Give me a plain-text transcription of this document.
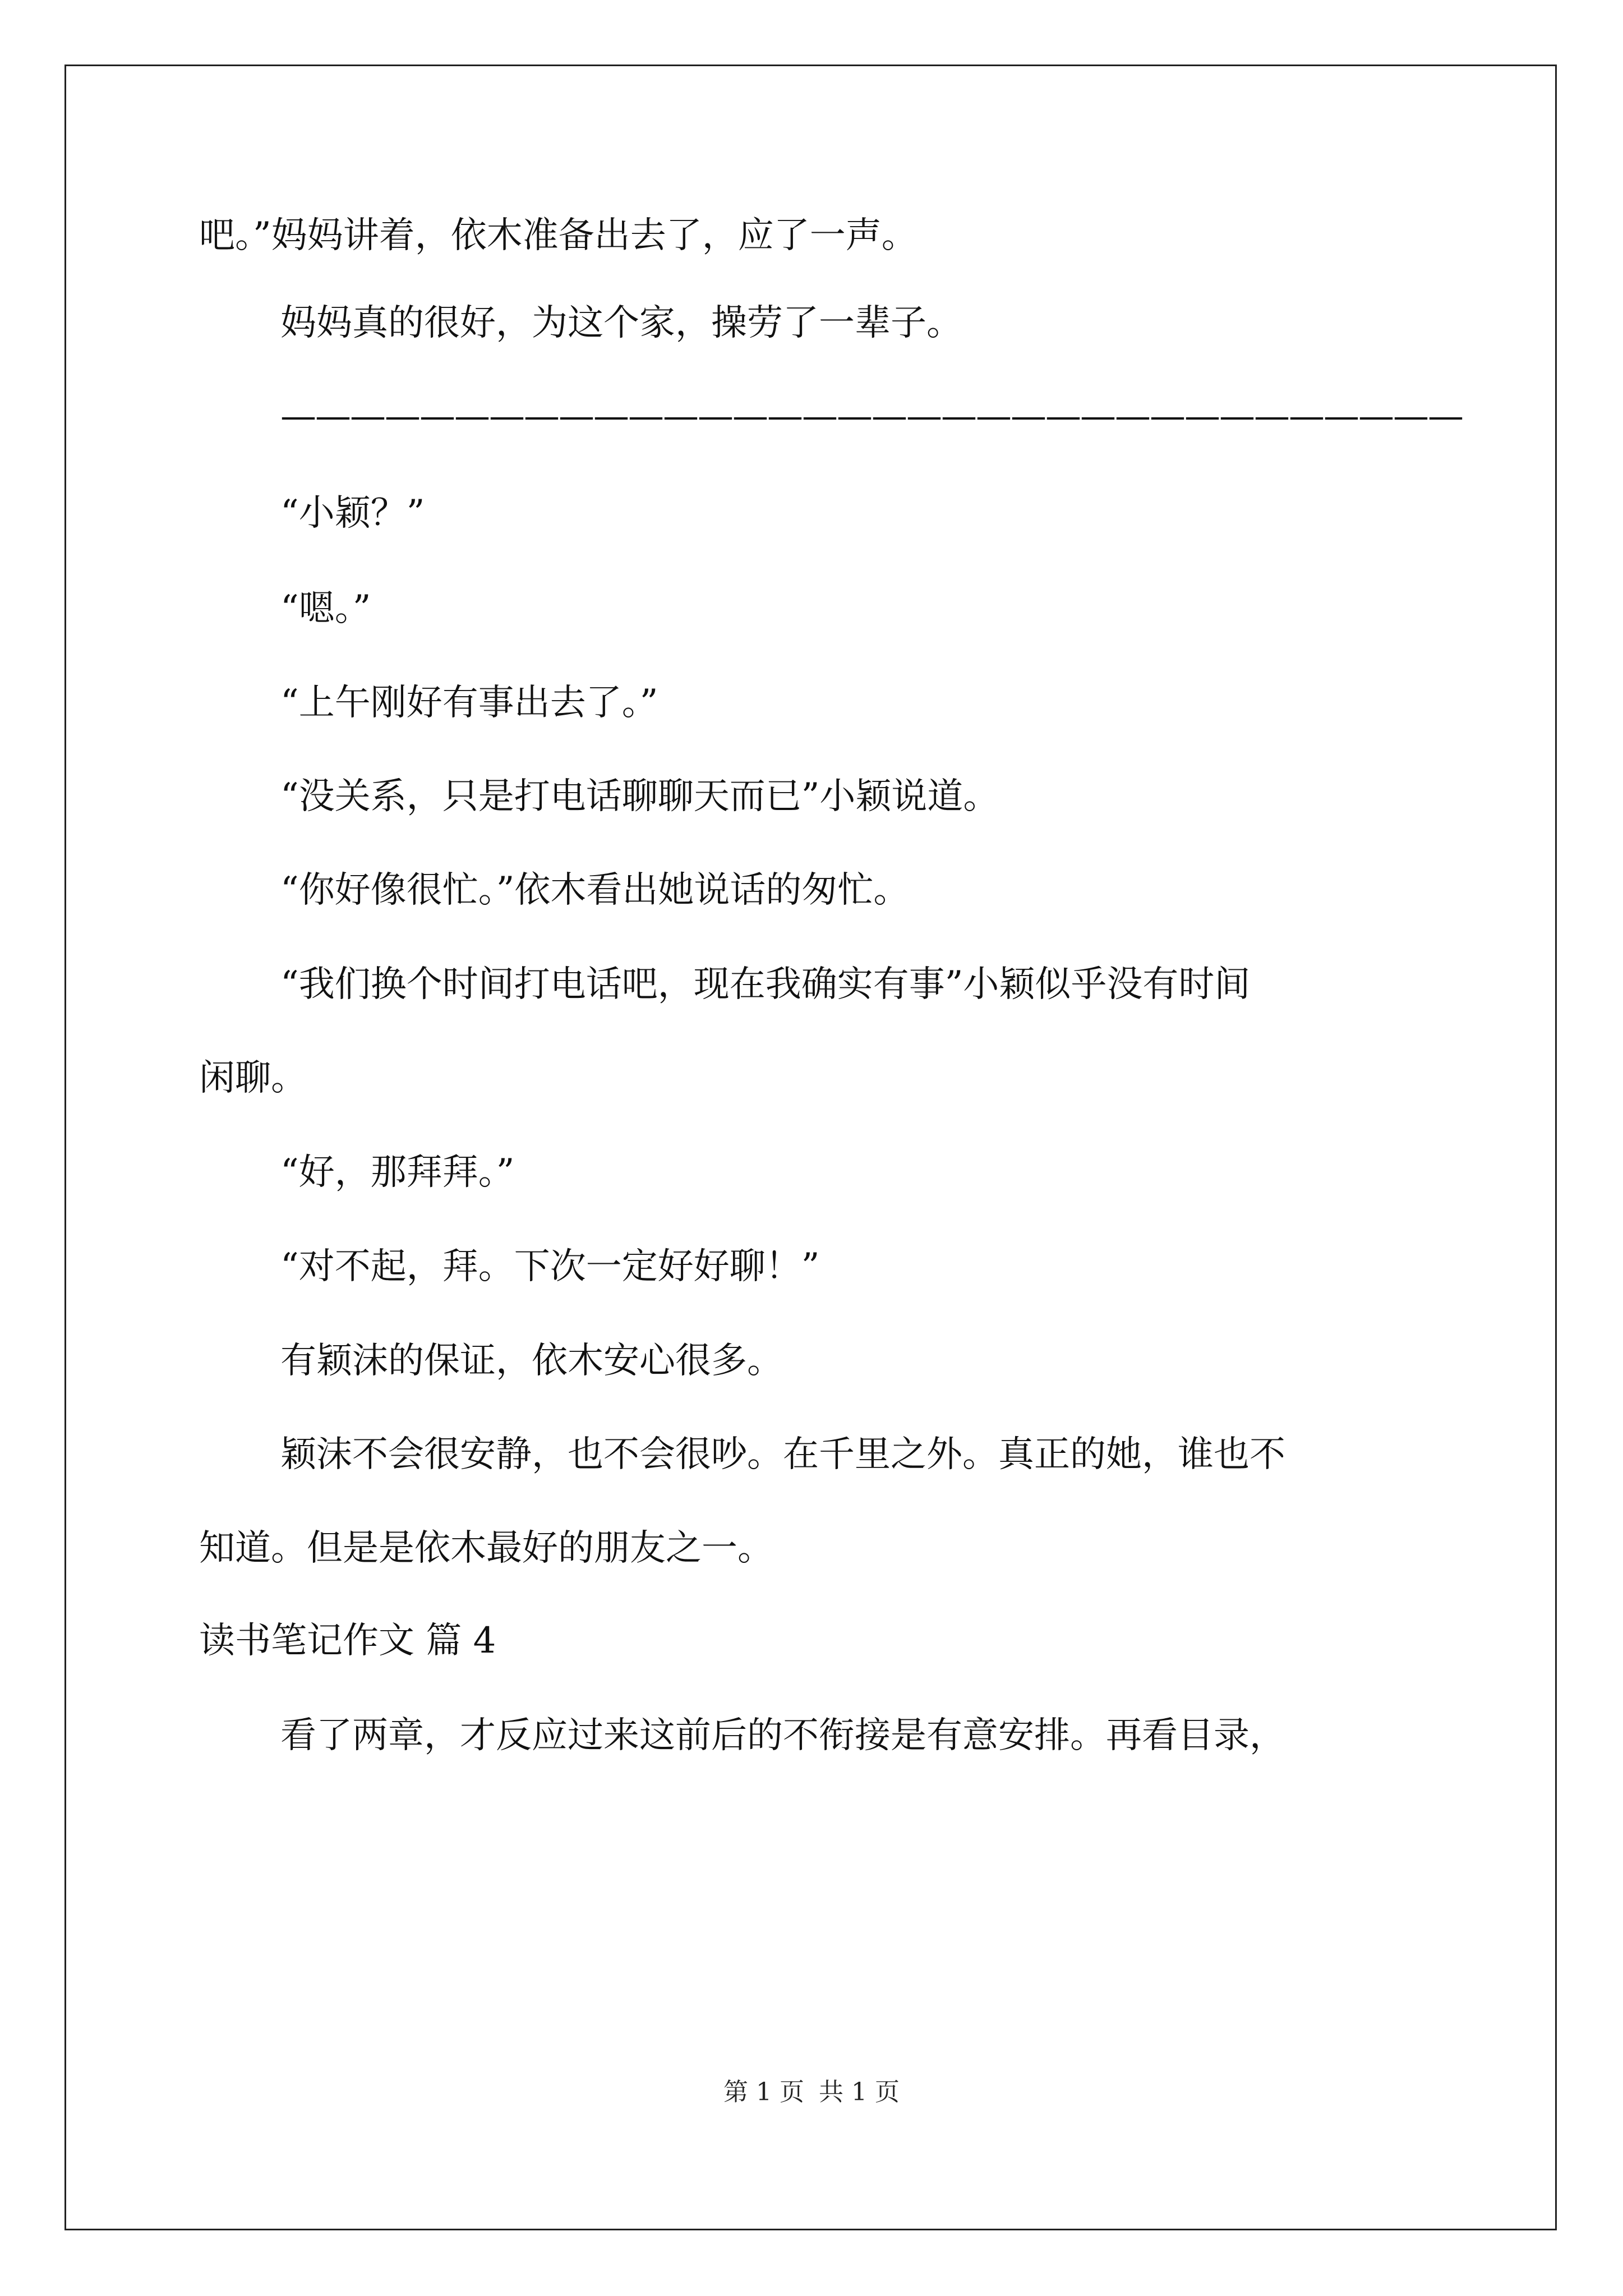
吧。”妈妈讲着，依木准备出去了，应了一声。
妈妈真的很好，为这个家，操劳了一辈子。
——————————————————————————————————
“小颖？”
“嗯。”
“上午刚好有事出去了。”
“没关系，只是打电话聊聊天而已”小颖说道。
“你好像很忙。”依木看出她说话的匆忙。
“我们换个时间打电话吧，现在我确实有事”小颖似乎没有时间
闲聊。
“好，那拜拜。”
“对不起，拜。下次一定好好聊！”
有颖沫的保证，依木安心很多。
颖沫不会很安静，也不会很吵。在千里之外。真正的她，谁也不
知道。但是是依木最好的朋友之一。
读书笔记作文 篇 4
看了两章，才反应过来这前后的不衔接是有意安排。再看目录，
第 1 页 共 1 页
